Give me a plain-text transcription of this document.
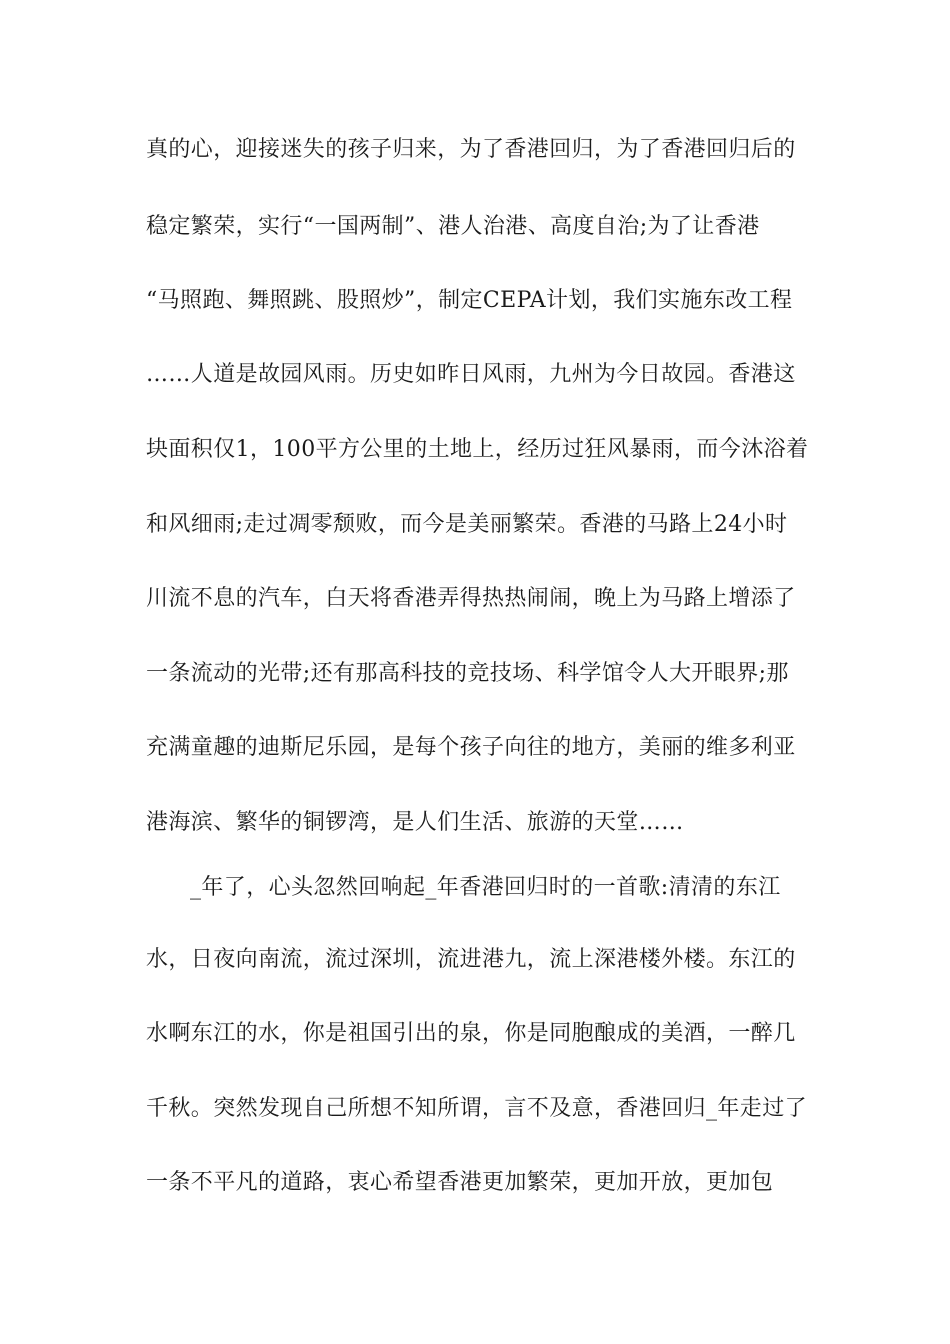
真的心，迎接迷失的孩子归来，为了香港回归，为了香港回归后的
稳定繁荣，实行“一国两制”、港人治港、高度自治;为了让香港
“马照跑、舞照跳、股照炒”，制定CEPA计划，我们实施东改工程
……人道是故园风雨。历史如昨日风雨，九州为今日故园。香港这
块面积仅1，100平方公里的土地上，经历过狂风暴雨，而今沐浴着
和风细雨;走过凋零颓败，而今是美丽繁荣。香港的马路上24小时
川流不息的汽车，白天将香港弄得热热闹闹，晚上为马路上增添了
一条流动的光带;还有那高科技的竞技场、科学馆令人大开眼界;那
充满童趣的迪斯尼乐园，是每个孩子向往的地方，美丽的维多利亚
港海滨、繁华的铜锣湾，是人们生活、旅游的天堂……
_年了，心头忽然回响起_年香港回归时的一首歌:清清的东江
水，日夜向南流，流过深圳，流进港九，流上深港楼外楼。东江的
水啊东江的水，你是祖国引出的泉，你是同胞酿成的美酒，一醉几
千秋。突然发现自己所想不知所谓，言不及意，香港回归_年走过了
一条不平凡的道路，衷心希望香港更加繁荣，更加开放，更加包
